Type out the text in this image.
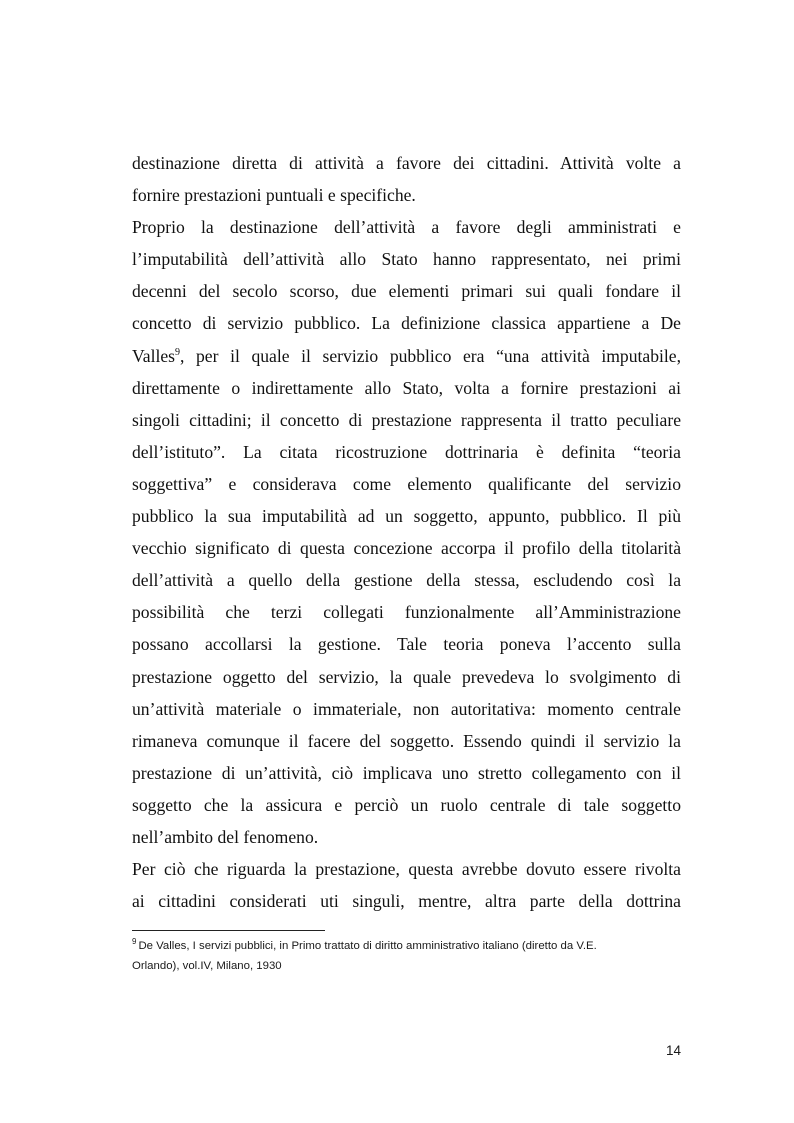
destinazione diretta di attività a favore dei cittadini. Attività volte a
fornire prestazioni puntuali e specifiche.
Proprio la destinazione dell’attività a favore degli amministrati e
l’imputabilità dell’attività allo Stato hanno rappresentato, nei primi
decenni del secolo scorso, due elementi primari sui quali fondare il
concetto di servizio pubblico. La definizione classica appartiene a De
Valles$^9$, per il quale il servizio pubblico era “una attività imputabile,
direttamente o indirettamente allo Stato, volta a fornire prestazioni ai
singoli cittadini; il concetto di prestazione rappresenta il tratto peculiare
dell’istituto”. La citata ricostruzione dottrinaria è definita “teoria
soggettiva” e considerava come elemento qualificante del servizio
pubblico la sua imputabilità ad un soggetto, appunto, pubblico. Il più
vecchio significato di questa concezione accorpa il profilo della titolarità
dell’attività a quello della gestione della stessa, escludendo così la
possibilità che terzi collegati funzionalmente all’Amministrazione
possano accollarsi la gestione. Tale teoria poneva l’accento sulla
prestazione oggetto del servizio, la quale prevedeva lo svolgimento di
un’attività materiale o immateriale, non autoritativa: momento centrale
rimaneva comunque il facere del soggetto. Essendo quindi il servizio la
prestazione di un’attività, ciò implicava uno stretto collegamento con il
soggetto che la assicura e perciò un ruolo centrale di tale soggetto
nell’ambito del fenomeno.
Per ciò che riguarda la prestazione, questa avrebbe dovuto essere rivolta
ai cittadini considerati uti singuli, mentre, altra parte della dottrina
$^9$ De Valles, I servizi pubblici, in Primo trattato di diritto amministrativo italiano (diretto da V.E.
Orlando), vol.IV, Milano, 1930
14
